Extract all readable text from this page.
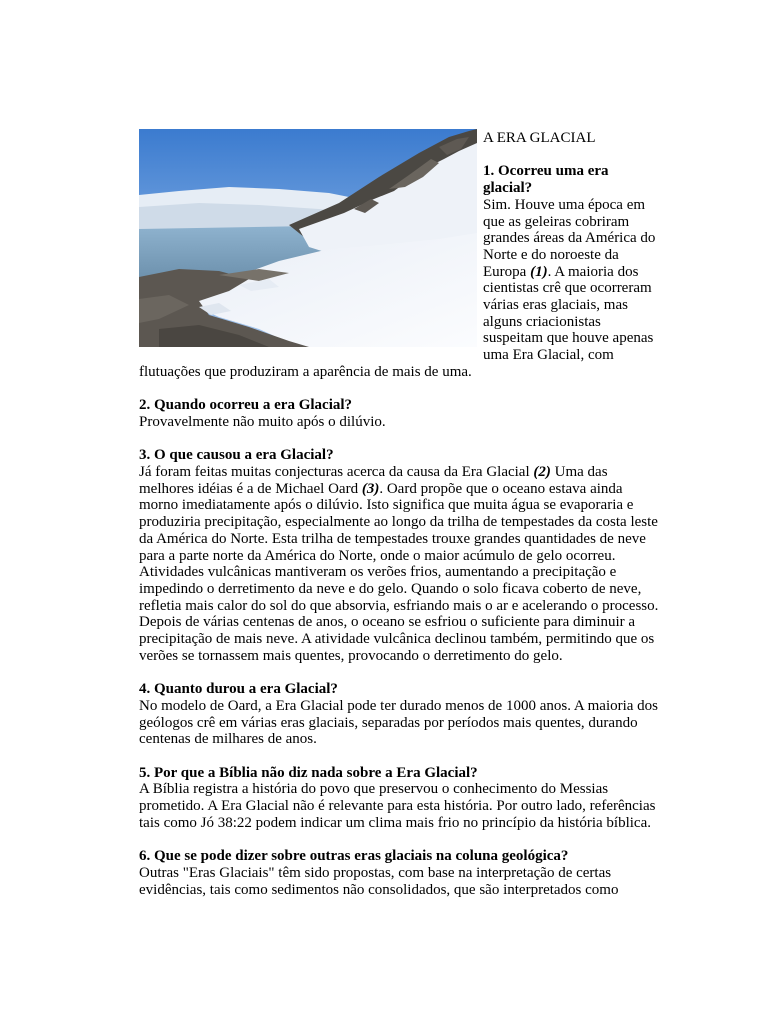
A ERA GLACIAL
1. Ocorreu uma era glacial?

Sim. Houve uma época em que as geleiras cobriram grandes áreas da América do Norte e do noroeste da Europa (1). A maioria dos cientistas crê que ocorreram várias eras glaciais, mas alguns criacionistas suspeitam que houve apenas uma Era Glacial, com flutuações que produziram a aparência de mais de uma.

2. Quando ocorreu a era Glacial?

Provavelmente não muito após o dilúvio.

3. O que causou a era Glacial?

Já foram feitas muitas conjecturas acerca da causa da Era Glacial (2) Uma das melhores idéias é a de Michael Oard (3). Oard propõe que o oceano estava ainda morno imediatamente após o dilúvio. Isto significa que muita água se evaporaria e produziria precipitação, especialmente ao longo da trilha de tempestades da costa leste da América do Norte. Esta trilha de tempestades trouxe grandes quantidades de neve para a parte norte da América do Norte, onde o maior acúmulo de gelo ocorreu. Atividades vulcânicas mantiveram os verões frios, aumentando a precipitação e impedindo o derretimento da neve e do gelo. Quando o solo ficava coberto de neve, refletia mais calor do sol do que absorvia, esfriando mais o ar e acelerando o processo. Depois de várias centenas de anos, o oceano se esfriou o suficiente para diminuir a precipitação de mais neve. A atividade vulcânica declinou também, permitindo que os verões se tornassem mais quentes, provocando o derretimento do gelo.

4. Quanto durou a era Glacial?

No modelo de Oard, a Era Glacial pode ter durado menos de 1000 anos. A maioria dos geólogos crê em várias eras glaciais, separadas por períodos mais quentes, durando centenas de milhares de anos.

5. Por que a Bíblia não diz nada sobre a Era Glacial?

A Bíblia registra a história do povo que preservou o conhecimento do Messias prometido. A Era Glacial não é relevante para esta história. Por outro lado, referências tais como Jó 38:22 podem indicar um clima mais frio no princípio da história bíblica.

6. Que se pode dizer sobre outras eras glaciais na coluna geológica?

Outras "Eras Glaciais" têm sido propostas, com base na interpretação de certas evidências, tais como sedimentos não consolidados, que são interpretados como
